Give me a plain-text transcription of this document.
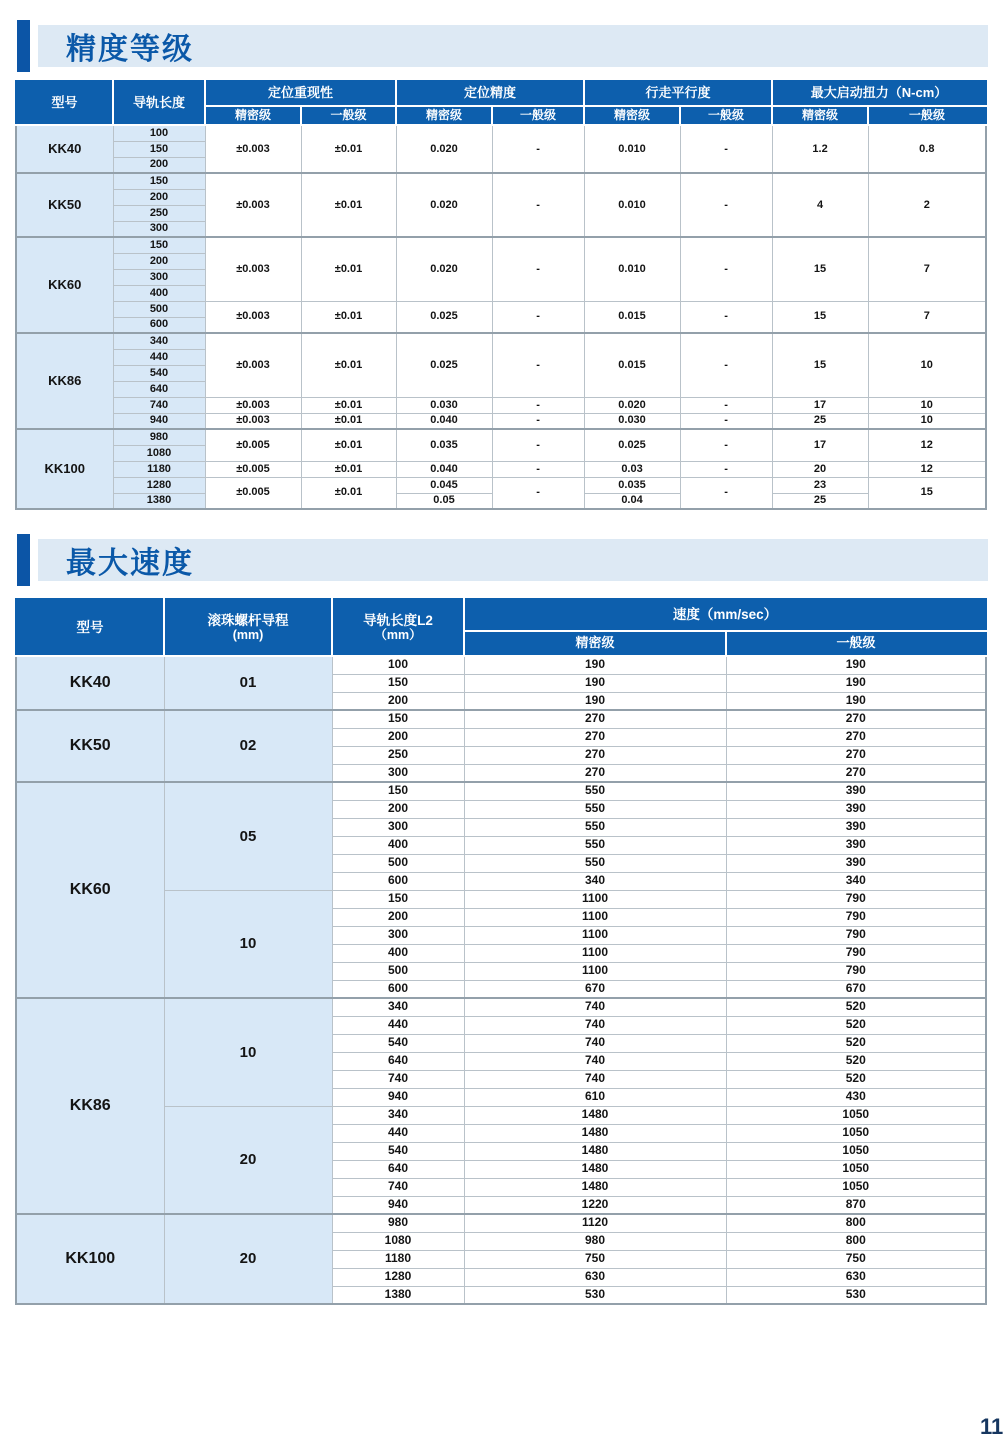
精度等级
型号	导轨长度	定位重现性		定位精度		行走平行度		最大启动扭力（N-cm）	
		精密级	一般级	精密级	一般级	精密级	一般级	精密级	一般级
KK40	100	±0.003	±0.01	0.020	-	0.010	-	1.2	0.8
	150								
	200								
KK50	150	±0.003	±0.01	0.020	-	0.010	-	4	2
	200								
	250								
	300								
KK60	150	±0.003	±0.01	0.020	-	0.010	-	15	7
	200								
	300								
	400								
	500	±0.003	±0.01	0.025	-	0.015	-	15	7
	600								
KK86	340	±0.003	±0.01	0.025	-	0.015	-	15	10
	440								
	540								
	640								
	740	±0.003	±0.01	0.030	-	0.020	-	17	10
	940	±0.003	±0.01	0.040	-	0.030	-	25	10
KK100	980	±0.005	±0.01	0.035	-	0.025	-	17	12
	1080								
	1180	±0.005	±0.01	0.040	-	0.03	-	20	12
	1280	±0.005	±0.01	0.045	-	0.035	-	23	15
	1380			0.05		0.04		25	
最大速度
型号	滚珠螺杆导程
(mm)	导轨长度L2
（mm）	速度（mm/sec）	
			精密级	一般级
KK40	01	100	190	190
		150	190	190
		200	190	190
KK50	02	150	270	270
		200	270	270
		250	270	270
		300	270	270
KK60	05	150	550	390
		200	550	390
		300	550	390
		400	550	390
		500	550	390
		600	340	340
	10	150	1100	790
		200	1100	790
		300	1100	790
		400	1100	790
		500	1100	790
		600	670	670
KK86	10	340	740	520
		440	740	520
		540	740	520
		640	740	520
		740	740	520
		940	610	430
	20	340	1480	1050
		440	1480	1050
		540	1480	1050
		640	1480	1050
		740	1480	1050
		940	1220	870
KK100	20	980	1120	800
		1080	980	800
		1180	750	750
		1280	630	630
		1380	530	530
11
